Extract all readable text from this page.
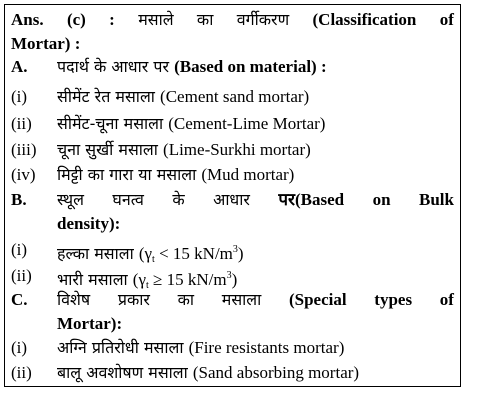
Ans. (c) : मसाले का वर्गीकरण (Classification of
Mortar) :
A. पदार्थ के आधार पर (Based on material) :
(i) सीमेंट रेत मसाला (Cement sand mortar)
(ii) सीमेंट-चूना मसाला (Cement-Lime Mortar)
(iii) चूना सुर्खी मसाला (Lime-Surkhi mortar)
(iv) मिट्टी का गारा या मसाला (Mud mortar)
B. स्थूल घनत्व के आधार पर(Based on Bulk
density):
(i) हल्का मसाला ($\gamma_t < 15$ $kN/m^3$)
(ii) भारी मसाला ($\gamma_t \ge 15$ $kN/m^3$)
C. विशेष प्रकार का मसाला (Special types of
Mortar):
(i) अग्नि प्रतिरोधी मसाला (Fire resistants mortar)
(ii) बालू अवशोषण मसाला (Sand absorbing mortar)
